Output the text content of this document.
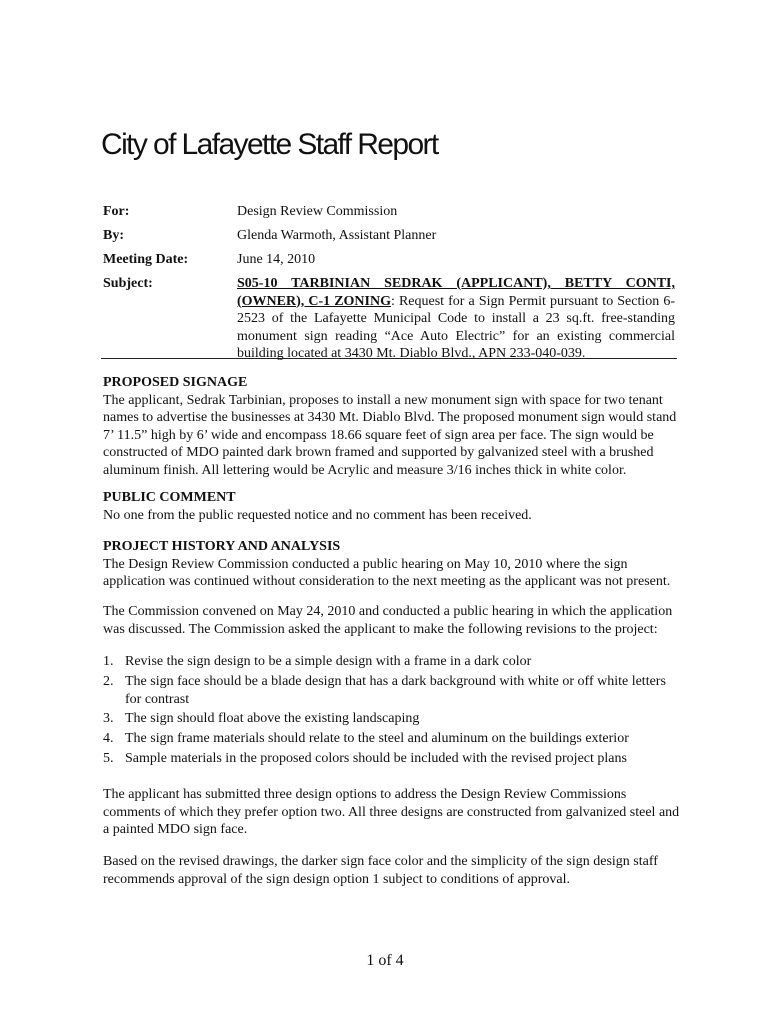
City of Lafayette Staff Report
For:	Design Review Commission
By:	Glenda Warmoth, Assistant Planner
Meeting Date:	June 14, 2010
Subject:	S05-10 TARBINIAN SEDRAK (APPLICANT), BETTY CONTI, (OWNER), C-1 ZONING: Request for a Sign Permit pursuant to Section 6-2523 of the Lafayette Municipal Code to install a 23 sq.ft. free-standing monument sign reading “Ace Auto Electric” for an existing commercial building located at 3430 Mt. Diablo Blvd., APN 233-040-039.
PROPOSED SIGNAGE
The applicant, Sedrak Tarbinian, proposes to install a new monument sign with space for two tenant names to advertise the businesses at 3430 Mt. Diablo Blvd. The proposed monument sign would stand 7’ 11.5” high by 6’ wide and encompass 18.66 square feet of sign area per face. The sign would be constructed of MDO painted dark brown framed and supported by galvanized steel with a brushed aluminum finish. All lettering would be Acrylic and measure 3/16 inches thick in white color.
PUBLIC COMMENT
No one from the public requested notice and no comment has been received.
PROJECT HISTORY AND ANALYSIS
The Design Review Commission conducted a public hearing on May 10, 2010 where the sign application was continued without consideration to the next meeting as the applicant was not present.
The Commission convened on May 24, 2010 and conducted a public hearing in which the application was discussed. The Commission asked the applicant to make the following revisions to the project:
1. Revise the sign design to be a simple design with a frame in a dark color
2. The sign face should be a blade design that has a dark background with white or off white letters for contrast
3. The sign should float above the existing landscaping
4. The sign frame materials should relate to the steel and aluminum on the buildings exterior
5. Sample materials in the proposed colors should be included with the revised project plans
The applicant has submitted three design options to address the Design Review Commissions comments of which they prefer option two. All three designs are constructed from galvanized steel and a painted MDO sign face.
Based on the revised drawings, the darker sign face color and the simplicity of the sign design staff recommends approval of the sign design option 1 subject to conditions of approval.
1 of 4
